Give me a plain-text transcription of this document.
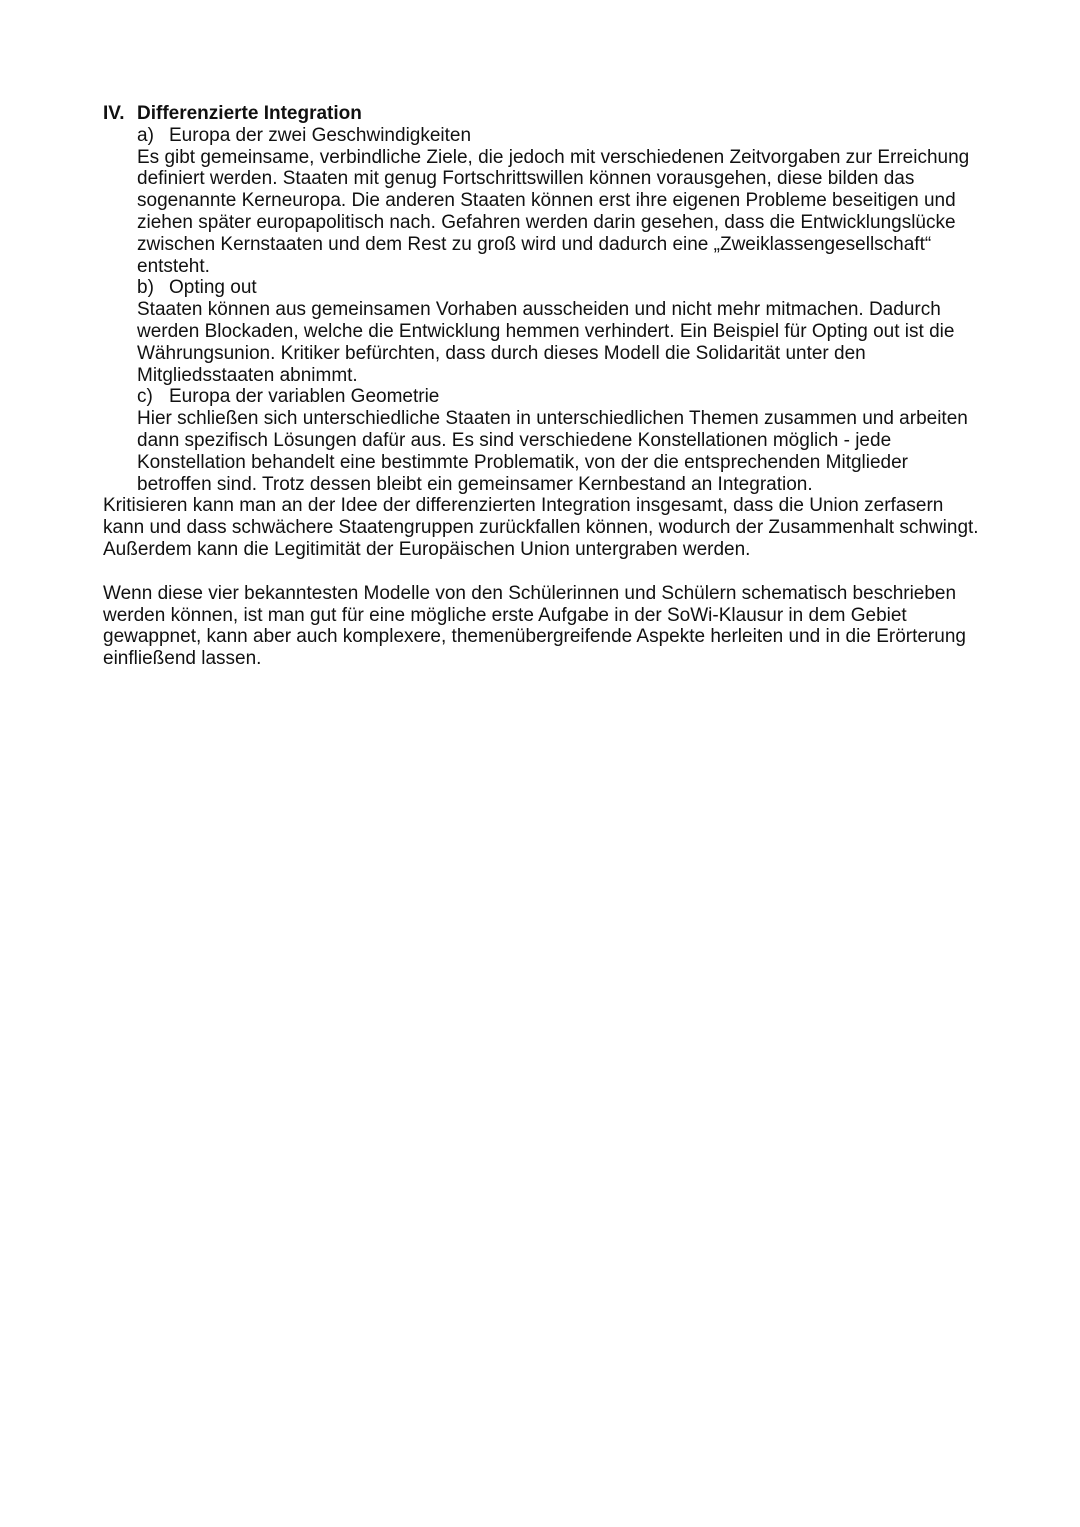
IV. Differenzierte Integration
a) Europa der zwei Geschwindigkeiten

Es gibt gemeinsame, verbindliche Ziele, die jedoch mit verschiedenen Zeitvorgaben zur Erreichung definiert werden. Staaten mit genug Fortschrittswillen können vorausgehen, diese bilden das sogenannte Kerneuropa. Die anderen Staaten können erst ihre eigenen Probleme beseitigen und ziehen später europapolitisch nach. Gefahren werden darin gesehen, dass die Entwicklungslücke zwischen Kernstaaten und dem Rest zu groß wird und dadurch eine „Zweiklassengesellschaft“ entsteht.

b) Opting out

Staaten können aus gemeinsamen Vorhaben ausscheiden und nicht mehr mitmachen. Dadurch werden Blockaden, welche die Entwicklung hemmen verhindert. Ein Beispiel für Opting out ist die Währungsunion. Kritiker befürchten, dass durch dieses Modell die Solidarität unter den Mitgliedsstaaten abnimmt.

c) Europa der variablen Geometrie

Hier schließen sich unterschiedliche Staaten in unterschiedlichen Themen zusammen und arbeiten dann spezifisch Lösungen dafür aus. Es sind verschiedene Konstellationen möglich - jede Konstellation behandelt eine bestimmte Problematik, von der die entsprechenden Mitglieder betroffen sind. Trotz dessen bleibt ein gemeinsamer Kernbestand an Integration.

Kritisieren kann man an der Idee der differenzierten Integration insgesamt, dass die Union zerfasern kann und dass schwächere Staatengruppen zurückfallen können, wodurch der Zusammenhalt schwingt. Außerdem kann die Legitimität der Europäischen Union untergraben werden.

Wenn diese vier bekanntesten Modelle von den Schülerinnen und Schülern schematisch beschrieben werden können, ist man gut für eine mögliche erste Aufgabe in der SoWi-Klausur in dem Gebiet gewappnet, kann aber auch komplexere, themenübergreifende Aspekte herleiten und in die Erörterung einfließend lassen.
